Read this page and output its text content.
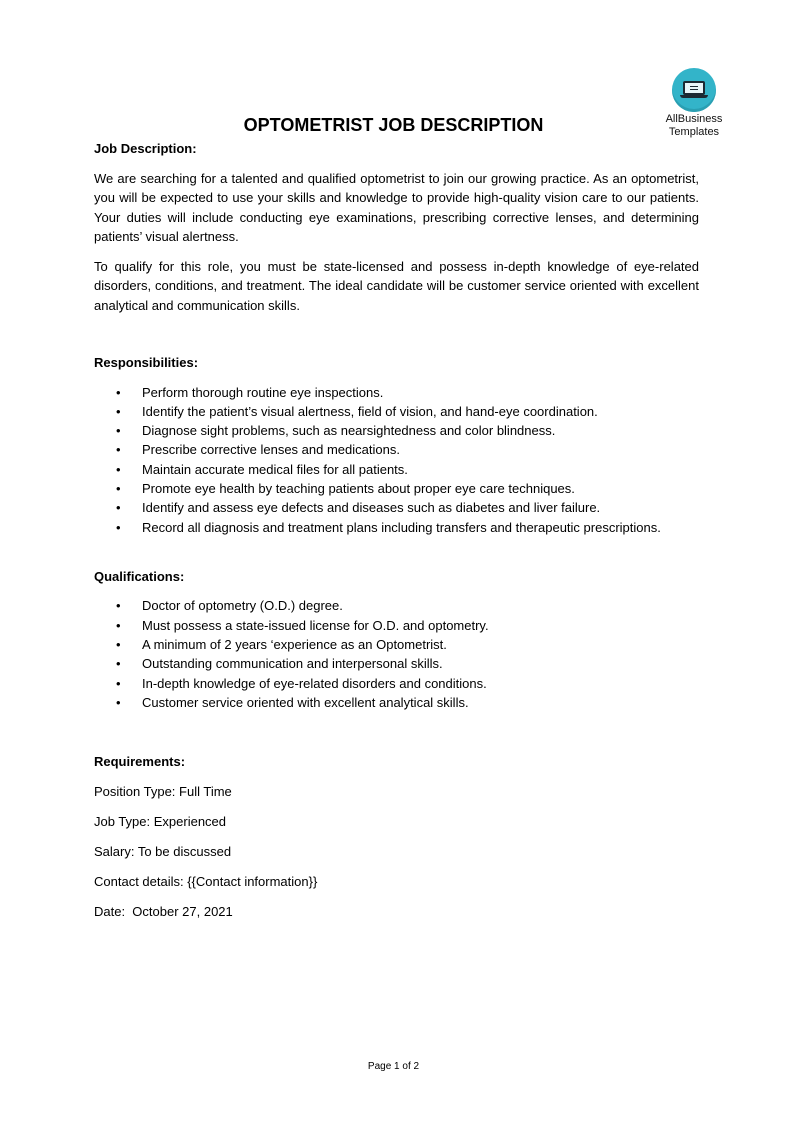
AllBusiness
Templates
OPTOMETRIST JOB DESCRIPTION

Job Description:

We are searching for a talented and qualified optometrist to join our growing practice. As an optometrist, you will be expected to use your skills and knowledge to provide high-quality vision care to our patients. Your duties will include conducting eye examinations, prescribing corrective lenses, and determining patients’ visual alertness.

To qualify for this role, you must be state-licensed and possess in-depth knowledge of eye-related disorders, conditions, and treatment. The ideal candidate will be customer service oriented with excellent analytical and communication skills.

Responsibilities:

• Perform thorough routine eye inspections.
• Identify the patient’s visual alertness, field of vision, and hand-eye coordination.
• Diagnose sight problems, such as nearsightedness and color blindness.
• Prescribe corrective lenses and medications.
• Maintain accurate medical files for all patients.
• Promote eye health by teaching patients about proper eye care techniques.
• Identify and assess eye defects and diseases such as diabetes and liver failure.
• Record all diagnosis and treatment plans including transfers and therapeutic prescriptions.

Qualifications:

• Doctor of optometry (O.D.) degree.
• Must possess a state-issued license for O.D. and optometry.
• A minimum of 2 years ‘experience as an Optometrist.
• Outstanding communication and interpersonal skills.
• In-depth knowledge of eye-related disorders and conditions.
• Customer service oriented with excellent analytical skills.

Requirements:

Position Type: Full Time

Job Type: Experienced

Salary: To be discussed

Contact details: {{Contact information}}

Date:  October 27, 2021

Page 1 of 2
